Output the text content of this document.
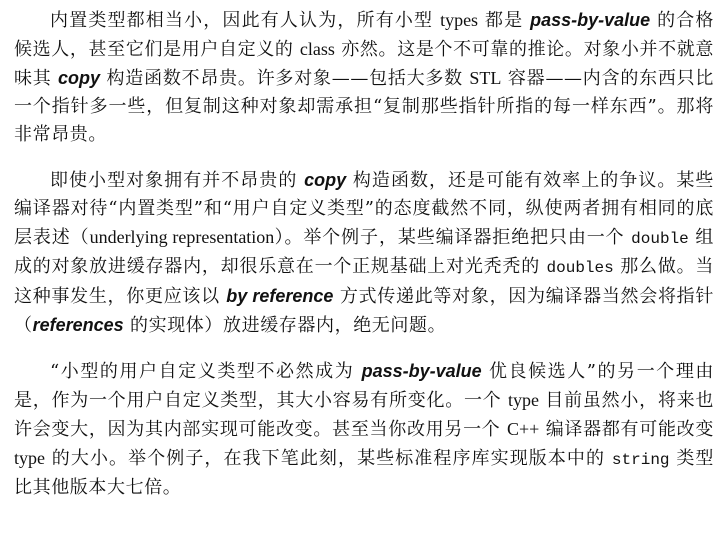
内置类型都相当小，因此有人认为，所有小型 types 都是 pass-by-value 的合格候选人，甚至它们是用户自定义的 class 亦然。这是个不可靠的推论。对象小并不就意味其 copy 构造函数不昂贵。许多对象——包括大多数 STL 容器——内含的东西只比一个指针多一些，但复制这种对象却需承担“复制那些指针所指的每一样东西”。那将非常昂贵。

即使小型对象拥有并不昂贵的 copy 构造函数，还是可能有效率上的争议。某些编译器对待“内置类型”和“用户自定义类型”的态度截然不同，纵使两者拥有相同的底层表述（underlying representation）。举个例子，某些编译器拒绝把只由一个 double 组成的对象放进缓存器内，却很乐意在一个正规基础上对光秃秃的 doubles 那么做。当这种事发生，你更应该以 by reference 方式传递此等对象，因为编译器当然会将指针（references 的实现体）放进缓存器内，绝无问题。

“小型的用户自定义类型不必然成为 pass-by-value 优良候选人”的另一个理由是，作为一个用户自定义类型，其大小容易有所变化。一个 type 目前虽然小，将来也许会变大，因为其内部实现可能改变。甚至当你改用另一个 C++ 编译器都有可能改变 type 的大小。举个例子，在我下笔此刻，某些标准程序库实现版本中的 string 类型比其他版本大七倍。
